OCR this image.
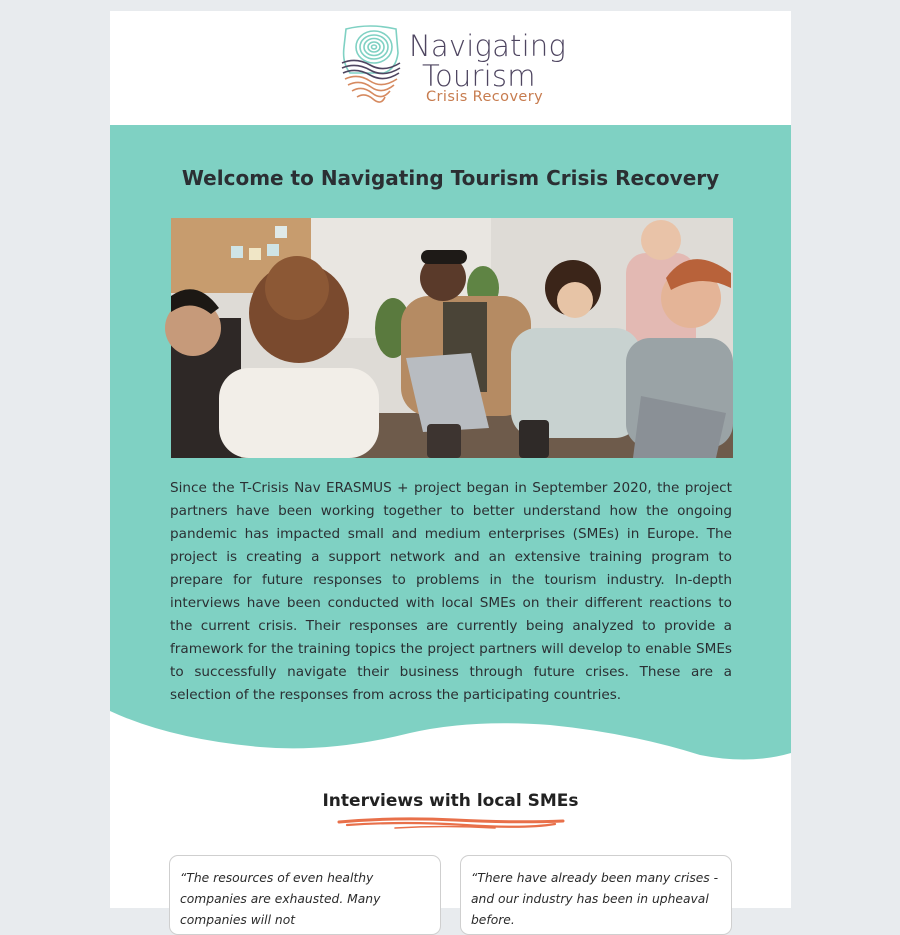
Navigating
Tourism
Crisis Recovery
Welcome to Navigating Tourism Crisis Recovery

Since the T-Crisis Nav ERASMUS + project began in September 2020, the project partners have been working together to better understand how the ongoing pandemic has impacted small and medium enterprises (SMEs) in Europe. The project is creating a support network and an extensive training program to prepare for future responses to problems in the tourism industry. In-depth interviews have been conducted with local SMEs on their different reactions to the current crisis. Their responses are currently being analyzed to provide a framework for the training topics the project partners will develop to enable SMEs to successfully navigate their business through future crises. These are a selection of the responses from across the participating countries.

Interviews with local SMEs

“The resources of even healthy companies are exhausted. Many companies will not

“There have already been many crises - and our industry has been in upheaval before.
